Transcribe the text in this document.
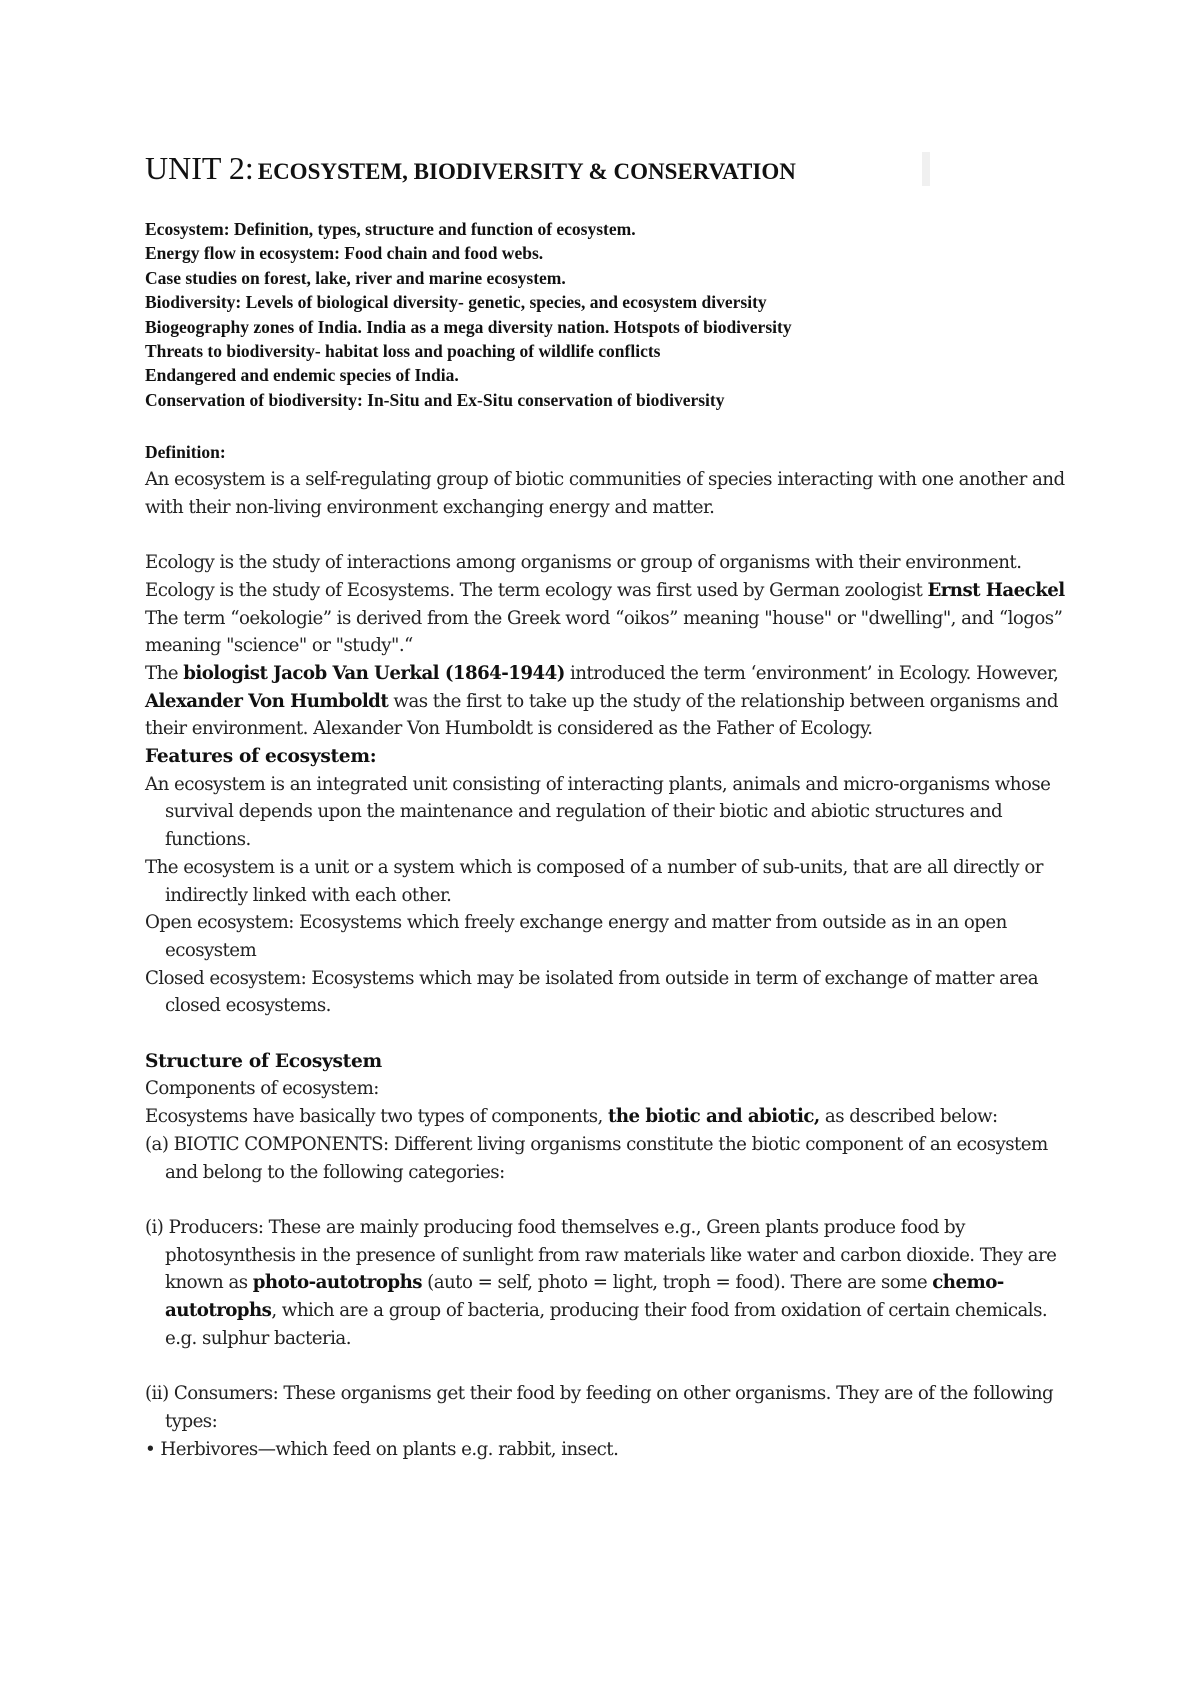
UNIT 2: ECOSYSTEM, BIODIVERSITY & CONSERVATION
Ecosystem: Definition, types, structure and function of ecosystem.
Energy flow in ecosystem: Food chain and food webs.
Case studies on forest, lake, river and marine ecosystem.
Biodiversity: Levels of biological diversity- genetic, species, and ecosystem diversity
Biogeography zones of India. India as a mega diversity nation. Hotspots of biodiversity
Threats to biodiversity- habitat loss and poaching of wildlife conflicts
Endangered and endemic species of India.
Conservation of biodiversity: In-Situ and Ex-Situ conservation of biodiversity

Definition:

An ecosystem is a self-regulating group of biotic communities of species interacting with one another and with their non-living environment exchanging energy and matter.

Ecology is the study of interactions among organisms or group of organisms with their environment. Ecology is the study of Ecosystems. The term ecology was first used by German zoologist Ernst Haeckel

The term “oekologie” is derived from the Greek word “oikos” meaning "house" or "dwelling", and “logos” meaning "science" or "study".“

The biologist Jacob Van Uerkal (1864-1944) introduced the term ‘environment’ in Ecology. However, Alexander Von Humboldt was the first to take up the study of the relationship between organisms and their environment. Alexander Von Humboldt is considered as the Father of Ecology.

Features of ecosystem:

An ecosystem is an integrated unit consisting of interacting plants, animals and micro-organisms whose survival depends upon the maintenance and regulation of their biotic and abiotic structures and functions.

The ecosystem is a unit or a system which is composed of a number of sub-units, that are all directly or indirectly linked with each other.

Open ecosystem: Ecosystems which freely exchange energy and matter from outside as in an open ecosystem

Closed ecosystem: Ecosystems which may be isolated from outside in term of exchange of matter area closed ecosystems.

Structure of Ecosystem

Components of ecosystem:

Ecosystems have basically two types of components, the biotic and abiotic, as described below:

(a) BIOTIC COMPONENTS: Different living organisms constitute the biotic component of an ecosystem and belong to the following categories:

(i) Producers: These are mainly producing food themselves e.g., Green plants produce food by photosynthesis in the presence of sunlight from raw materials like water and carbon dioxide. They are known as photo-autotrophs (auto = self, photo = light, troph = food). There are some chemo-autotrophs, which are a group of bacteria, producing their food from oxidation of certain chemicals. e.g. sulphur bacteria.

(ii) Consumers: These organisms get their food by feeding on other organisms. They are of the following types:

• Herbivores—which feed on plants e.g. rabbit, insect.
